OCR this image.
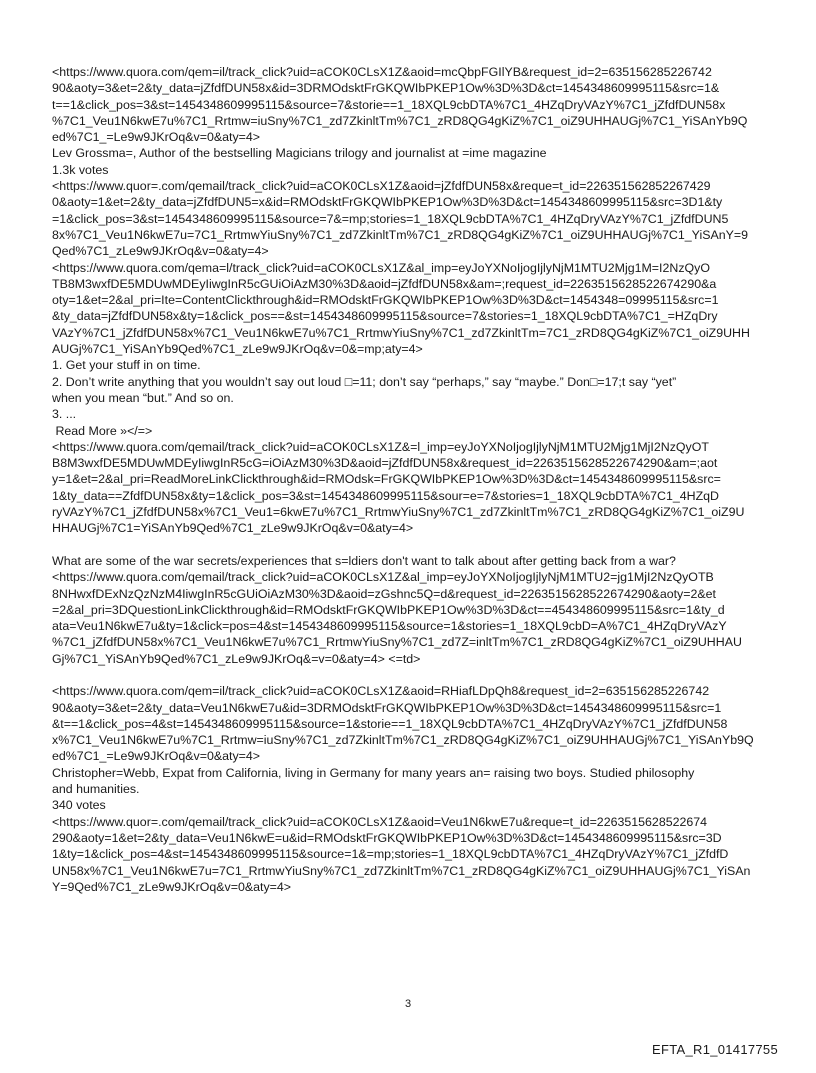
<https://www.quora.com/qem=il/track_click?uid=aCOK0CLsX1Z&aoid=mcQbpFGIlYB&request_id=2=635156285226742
90&aoty=3&et=2&ty_data=jZfdfDUN58x&id=3DRMOdsktFrGKQWIbPKEP1Ow%3D%3D&ct=1454348609995115&src=1&
t==1&click_pos=3&st=1454348609995115&source=7&storie==1_18XQL9cbDTA%7C1_4HZqDryVAzY%7C1_jZfdfDUN58x
%7C1_Veu1N6kwE7u%7C1_Rrtmw=iuSny%7C1_zd7ZkinltTm%7C1_zRD8QG4gKiZ%7C1_oiZ9UHHAUGj%7C1_YiSAnYb9Q
ed%7C1_=Le9w9JKrOq&v=0&aty=4>
Lev Grossma=, Author of the bestselling Magicians trilogy and journalist at =ime magazine
1.3k votes
<https://www.quor=.com/qemail/track_click?uid=aCOK0CLsX1Z&aoid=jZfdfDUN58x&reque=t_id=226351562852267429
0&aoty=1&et=2&ty_data=jZfdfDUN5=x&id=RMOdsktFrGKQWIbPKEP1Ow%3D%3D&ct=1454348609995115&src=3D1&ty
=1&click_pos=3&st=1454348609995115&source=7&=mp;stories=1_18XQL9cbDTA%7C1_4HZqDryVAzY%7C1_jZfdfDUN5
8x%7C1_Veu1N6kwE7u=7C1_RrtmwYiuSny%7C1_zd7ZkinltTm%7C1_zRD8QG4gKiZ%7C1_oiZ9UHHAUGj%7C1_YiSAnY=9
Qed%7C1_zLe9w9JKrOq&v=0&aty=4>
<https://www.quora.com/qema=l/track_click?uid=aCOK0CLsX1Z&al_imp=eyJoYXNoIjogIjlyNjM1MTU2Mjg1M=I2NzQyO
TB8M3wxfDE5MDUwMDEyIiwgInR5cGUiOiAzM30%3D&aoid=jZfdfDUN58x&am=;request_id=2263515628522674290&a
oty=1&et=2&al_pri=Ite=ContentClickthrough&id=RMOdsktFrGKQWIbPKEP1Ow%3D%3D&ct=1454348=09995115&src=1
&ty_data=jZfdfDUN58x&ty=1&click_pos==&st=1454348609995115&source=7&stories=1_18XQL9cbDTA%7C1_=HZqDry
VAzY%7C1_jZfdfDUN58x%7C1_Veu1N6kwE7u%7C1_RrtmwYiuSny%7C1_zd7ZkinltTm=7C1_zRD8QG4gKiZ%7C1_oiZ9UHH
AUGj%7C1_YiSAnYb9Qed%7C1_zLe9w9JKrOq&v=0&=mp;aty=4>
1. Get your stuff in on time.
2. Don’t write anything that you wouldn’t say out loud □=11; don’t say “perhaps,” say “maybe.” Don□=17;t say “yet”
when you mean “but.” And so on.
3. ...
Read More »</=>
<https://www.quora.com/qemail/track_click?uid=aCOK0CLsX1Z&=l_imp=eyJoYXNoIjogIjlyNjM1MTU2Mjg1MjI2NzQyOT
B8M3wxfDE5MDUwMDEyIiwgInR5cG=iOiAzM30%3D&aoid=jZfdfDUN58x&request_id=2263515628522674290&am=;aot
y=1&et=2&al_pri=ReadMoreLinkClickthrough&id=RMOdsk=FrGKQWIbPKEP1Ow%3D%3D&ct=1454348609995115&src=
1&ty_data==ZfdfDUN58x&ty=1&click_pos=3&st=1454348609995115&sour=e=7&stories=1_18XQL9cbDTA%7C1_4HZqD
ryVAzY%7C1_jZfdfDUN58x%7C1_Veu1=6kwE7u%7C1_RrtmwYiuSny%7C1_zd7ZkinltTm%7C1_zRD8QG4gKiZ%7C1_oiZ9U
HHAUGj%7C1=YiSAnYb9Qed%7C1_zLe9w9JKrOq&v=0&aty=4>
What are some of the war secrets/experiences that s=ldiers don't want to talk about after getting back from a war?
<https://www.quora.com/qemail/track_click?uid=aCOK0CLsX1Z&al_imp=eyJoYXNoIjogIjlyNjM1MTU2=jg1MjI2NzQyOTB
8NHwxfDExNzQzNzM4IiwgInR5cGUiOiAzM30%3D&aoid=zGshnc5Q=d&request_id=2263515628522674290&aoty=2&et
=2&al_pri=3DQuestionLinkClickthrough&id=RMOdsktFrGKQWIbPKEP1Ow%3D%3D&ct==454348609995115&src=1&ty_d
ata=Veu1N6kwE7u&ty=1&click=pos=4&st=1454348609995115&source=1&stories=1_18XQL9cbD=A%7C1_4HZqDryVAzY
%7C1_jZfdfDUN58x%7C1_Veu1N6kwE7u%7C1_RrtmwYiuSny%7C1_zd7Z=inltTm%7C1_zRD8QG4gKiZ%7C1_oiZ9UHHAU
Gj%7C1_YiSAnYb9Qed%7C1_zLe9w9JKrOq&=v=0&aty=4> <=td>
<https://www.quora.com/qem=il/track_click?uid=aCOK0CLsX1Z&aoid=RHiafLDpQh8&request_id=2=635156285226742
90&aoty=3&et=2&ty_data=Veu1N6kwE7u&id=3DRMOdsktFrGKQWIbPKEP1Ow%3D%3D&ct=1454348609995115&src=1
&t==1&click_pos=4&st=1454348609995115&source=1&storie==1_18XQL9cbDTA%7C1_4HZqDryVAzY%7C1_jZfdfDUN58
x%7C1_Veu1N6kwE7u%7C1_Rrtmw=iuSny%7C1_zd7ZkinltTm%7C1_zRD8QG4gKiZ%7C1_oiZ9UHHAUGj%7C1_YiSAnYb9Q
ed%7C1_=Le9w9JKrOq&v=0&aty=4>
Christopher=Webb, Expat from California, living in Germany for many years an= raising two boys. Studied philosophy
and humanities.
340 votes
<https://www.quor=.com/qemail/track_click?uid=aCOK0CLsX1Z&aoid=Veu1N6kwE7u&reque=t_id=2263515628522674
290&aoty=1&et=2&ty_data=Veu1N6kwE=u&id=RMOdsktFrGKQWIbPKEP1Ow%3D%3D&ct=1454348609995115&src=3D
1&ty=1&click_pos=4&st=1454348609995115&source=1&=mp;stories=1_18XQL9cbDTA%7C1_4HZqDryVAzY%7C1_jZfdfD
UN58x%7C1_Veu1N6kwE7u=7C1_RrtmwYiuSny%7C1_zd7ZkinltTm%7C1_zRD8QG4gKiZ%7C1_oiZ9UHHAUGj%7C1_YiSAn
Y=9Qed%7C1_zLe9w9JKrOq&v=0&aty=4>
3
EFTA_R1_01417755
